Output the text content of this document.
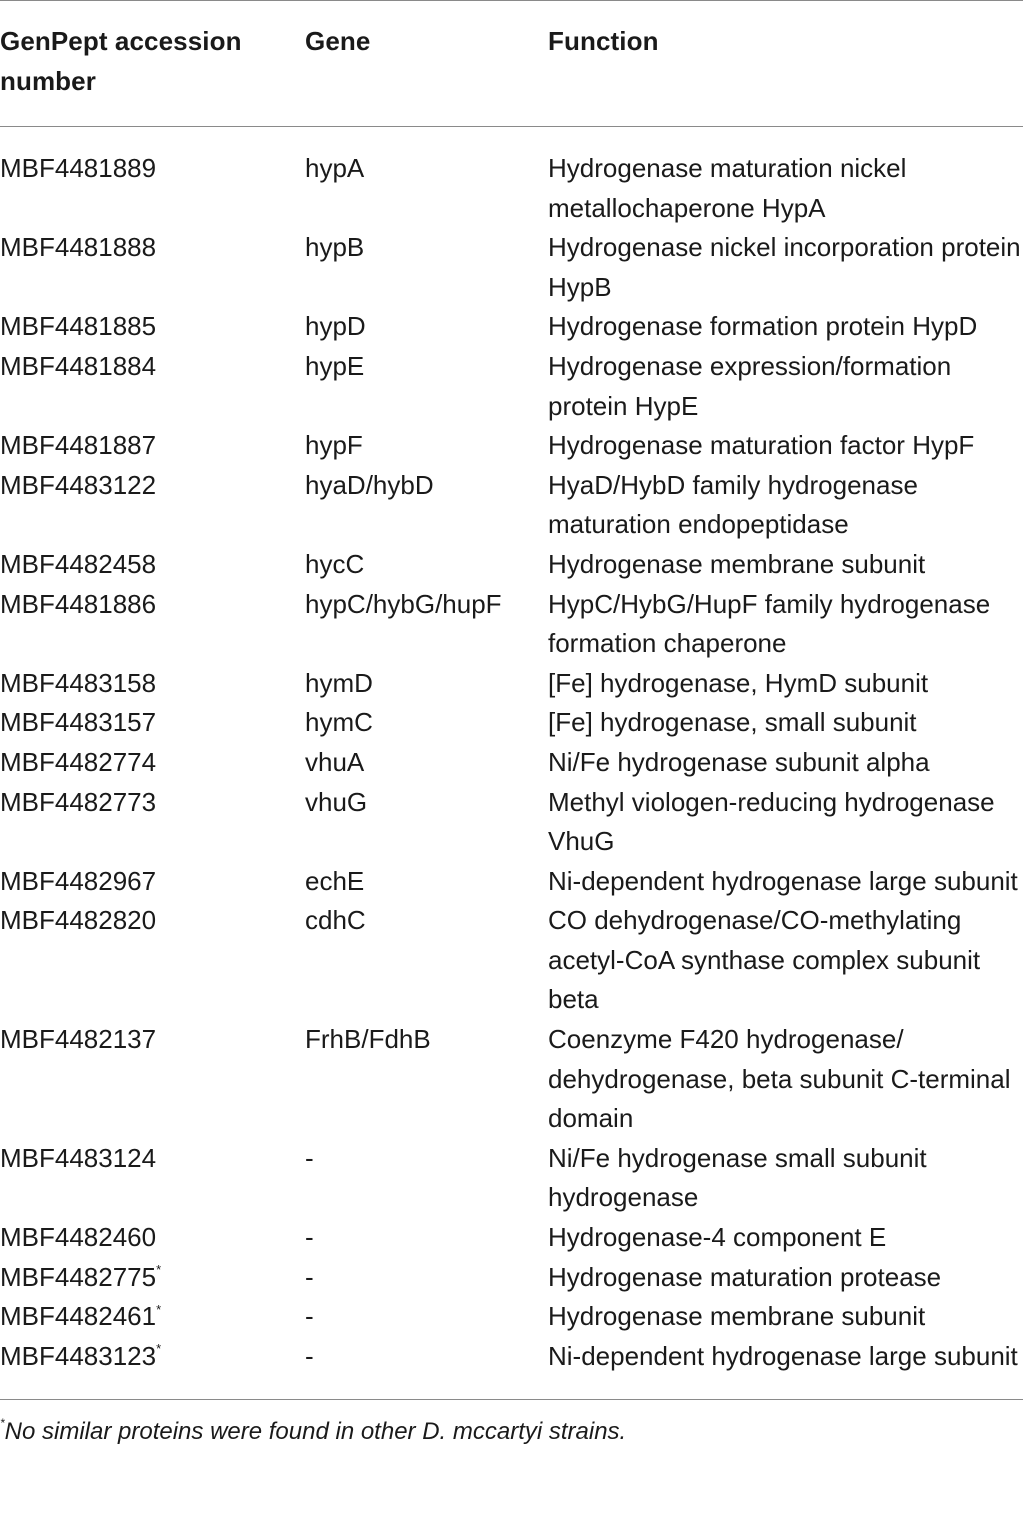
GenPept accession number	Gene	Function
MBF4481889	hypA	Hydrogenase maturation nickel metallochaperone HypA
MBF4481888	hypB	Hydrogenase nickel incorporation protein HypB
MBF4481885	hypD	Hydrogenase formation protein HypD
MBF4481884	hypE	Hydrogenase expression/formation protein HypE
MBF4481887	hypF	Hydrogenase maturation factor HypF
MBF4483122	hyaD/hybD	HyaD/HybD family hydrogenase maturation endopeptidase
MBF4482458	hycC	Hydrogenase membrane subunit
MBF4481886	hypC/hybG/hupF	HypC/HybG/HupF family hydrogenase formation chaperone
MBF4483158	hymD	[Fe] hydrogenase, HymD subunit
MBF4483157	hymC	[Fe] hydrogenase, small subunit
MBF4482774	vhuA	Ni/Fe hydrogenase subunit alpha
MBF4482773	vhuG	Methyl viologen-reducing hydrogenase VhuG
MBF4482967	echE	Ni-dependent hydrogenase large subunit
MBF4482820	cdhC	CO dehydrogenase/CO-methylating acetyl-CoA synthase complex subunit beta
MBF4482137	FrhB/FdhB	Coenzyme F420 hydrogenase/ dehydrogenase, beta subunit C-terminal domain
MBF4483124	-	Ni/Fe hydrogenase small subunit hydrogenase
MBF4482460	-	Hydrogenase-4 component E
MBF4482775*	-	Hydrogenase maturation protease
MBF4482461*	-	Hydrogenase membrane subunit
MBF4483123*	-	Ni-dependent hydrogenase large subunit
*No similar proteins were found in other D. mccartyi strains.
